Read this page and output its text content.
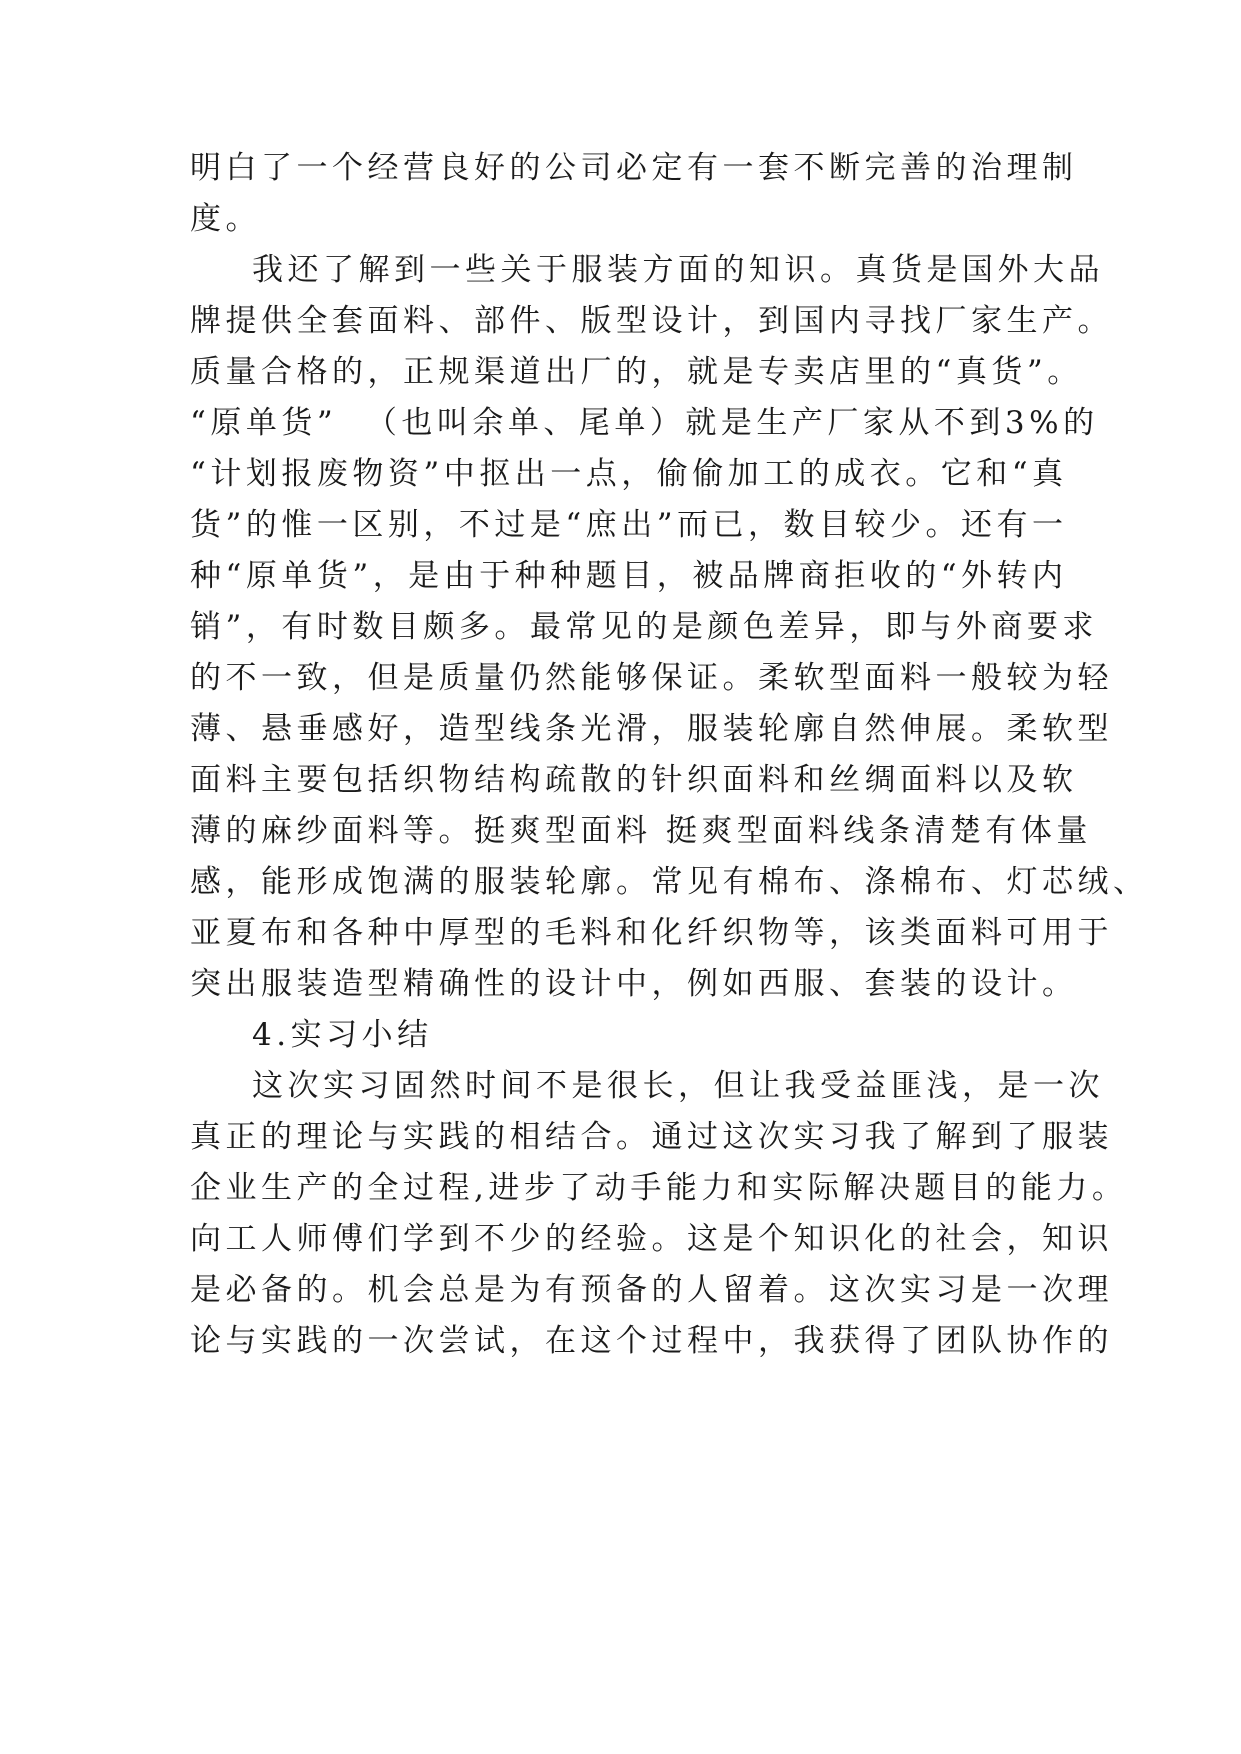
明白了一个经营良好的公司必定有一套不断完善的治理制
度。
我还了解到一些关于服装方面的知识。真货是国外大品
牌提供全套面料、部件、版型设计，到国内寻找厂家生产。
质量合格的，正规渠道出厂的，就是专卖店里的“真货”。
“原单货”  （也叫余单、尾单）就是生产厂家从不到3%的
“计划报废物资”中抠出一点，偷偷加工的成衣。它和“真
货”的惟一区别，不过是“庶出”而已，数目较少。还有一
种“原单货”，是由于种种题目，被品牌商拒收的“外转内
销”，有时数目颇多。最常见的是颜色差异，即与外商要求
的不一致，但是质量仍然能够保证。柔软型面料一般较为轻
薄、悬垂感好，造型线条光滑，服装轮廓自然伸展。柔软型
面料主要包括织物结构疏散的针织面料和丝绸面料以及软
薄的麻纱面料等。挺爽型面料 挺爽型面料线条清楚有体量
感，能形成饱满的服装轮廓。常见有棉布、涤棉布、灯芯绒、
亚夏布和各种中厚型的毛料和化纤织物等，该类面料可用于
突出服装造型精确性的设计中，例如西服、套装的设计。
4.实习小结
这次实习固然时间不是很长，但让我受益匪浅，是一次
真正的理论与实践的相结合。通过这次实习我了解到了服装
企业生产的全过程,进步了动手能力和实际解决题目的能力。
向工人师傅们学到不少的经验。这是个知识化的社会，知识
是必备的。机会总是为有预备的人留着。这次实习是一次理
论与实践的一次尝试，在这个过程中，我获得了团队协作的
